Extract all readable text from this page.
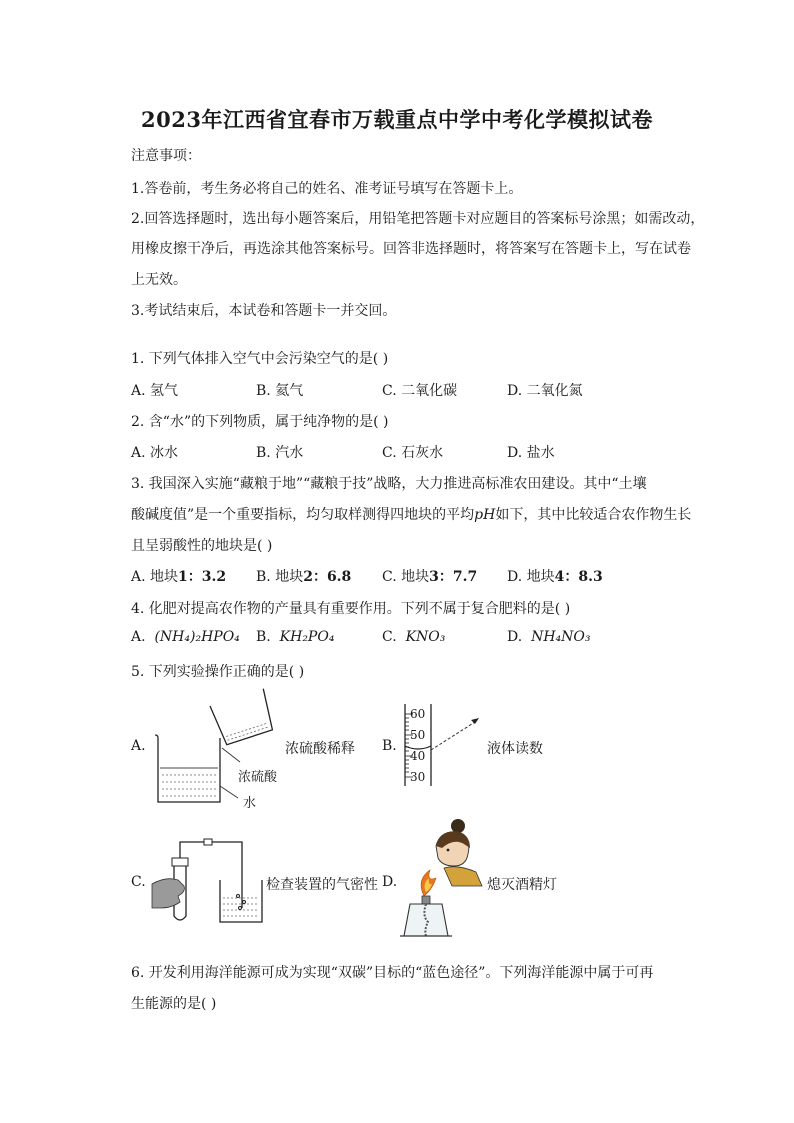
2023年江西省宜春市万载重点中学中考化学模拟试卷
注意事项：
1.答卷前，考生务必将自己的姓名、准考证号填写在答题卡上。
2.回答选择题时，选出每小题答案后，用铅笔把答题卡对应题目的答案标号涂黑；如需改动，
用橡皮擦干净后，再选涂其他答案标号。回答非选择题时，将答案写在答题卡上，写在试卷
上无效。
3.考试结束后，本试卷和答题卡一并交回。
1. 下列气体排入空气中会污染空气的是( )
A. 氢气	B. 氦气	C. 二氧化碳	D. 二氧化氮
2. 含“水”的下列物质，属于纯净物的是( )
A. 冰水	B. 汽水	C. 石灰水	D. 盐水
3. 我国深入实施“藏粮于地”“藏粮于技”战略，大力推进高标准农田建设。其中“土壤
酸碱度值”是一个重要指标，均匀取样测得四地块的平均pH如下，其中比较适合农作物生长
且呈弱酸性的地块是( )
A. 地块1：3.2 B. 地块2：6.8 C. 地块3：7.7 D. 地块4：8.3
4. 化肥对提高农作物的产量具有重要作用。下列不属于复合肥料的是( )
A. (NH₄)₂HPO₄ B. KH₂PO₄	C. KNO₃	D. NH₄NO₃
5. 下列实验操作正确的是( )
A.
浓硫酸
水
浓硫酸稀释 B.
60
50
40
30
液体读数
C.	检查装置的气密性 D.	熄灭酒精灯
6. 开发利用海洋能源可成为实现“双碳”目标的“蓝色途径”。下列海洋能源中属于可再
生能源的是( )
